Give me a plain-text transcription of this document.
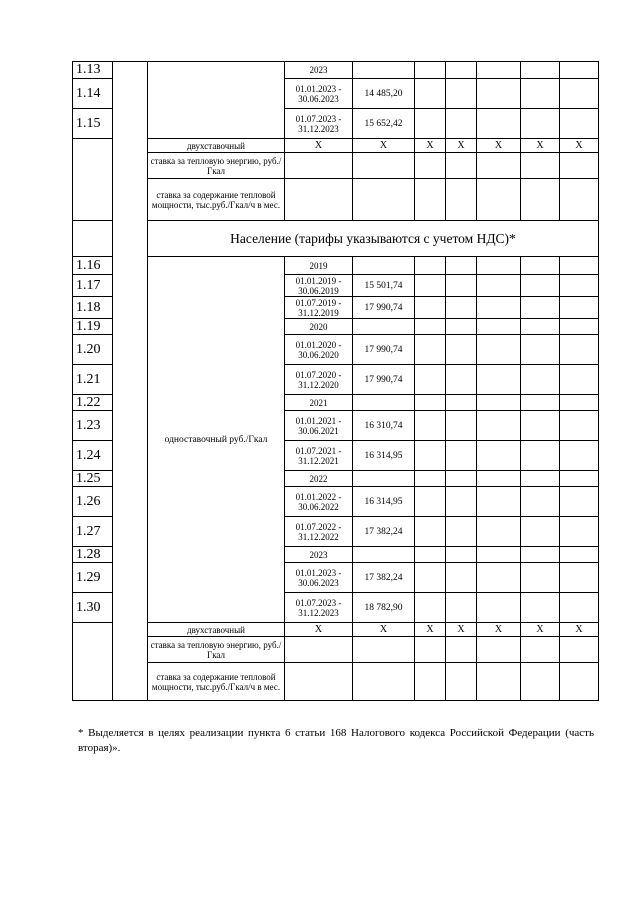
1.13			2023						
1.14			01.01.2023 - 30.06.2023	14 485,20					
1.15			01.07.2023 - 31.12.2023	15 652,42					
		двухставочный	Х	Х	Х	Х	Х	Х	Х
		ставка за тепловую энергию, руб./Гкал							
		ставка за содержание тепловой мощности, тыс.руб./Гкал/ч в мес.							
		Население (тарифы указываются с учетом НДС)*							
1.16		одноставочный руб./Гкал	2019						
1.17			01.01.2019 - 30.06.2019	15 501,74					
1.18			01.07.2019 - 31.12.2019	17 990,74					
1.19			2020						
1.20			01.01.2020 - 30.06.2020	17 990,74					
1.21			01.07.2020 - 31.12.2020	17 990,74					
1.22			2021						
1.23			01.01.2021 - 30.06.2021	16 310,74					
1.24			01.07.2021 - 31.12.2021	16 314,95					
1.25			2022						
1.26			01.01.2022 - 30.06.2022	16 314,95					
1.27			01.07.2022 - 31.12.2022	17 382,24					
1.28			2023						
1.29			01.01.2023 - 30.06.2023	17 382,24					
1.30			01.07.2023 - 31.12.2023	18 782,90					
		двухставочный	Х	Х	Х	Х	Х	Х	Х
		ставка за тепловую энергию, руб./Гкал							
		ставка за содержание тепловой мощности, тыс.руб./Гкал/ч в мес.							
* Выделяется в целях реализации пункта 6 статьи 168 Налогового кодекса Российской Федерации (часть вторая)».
